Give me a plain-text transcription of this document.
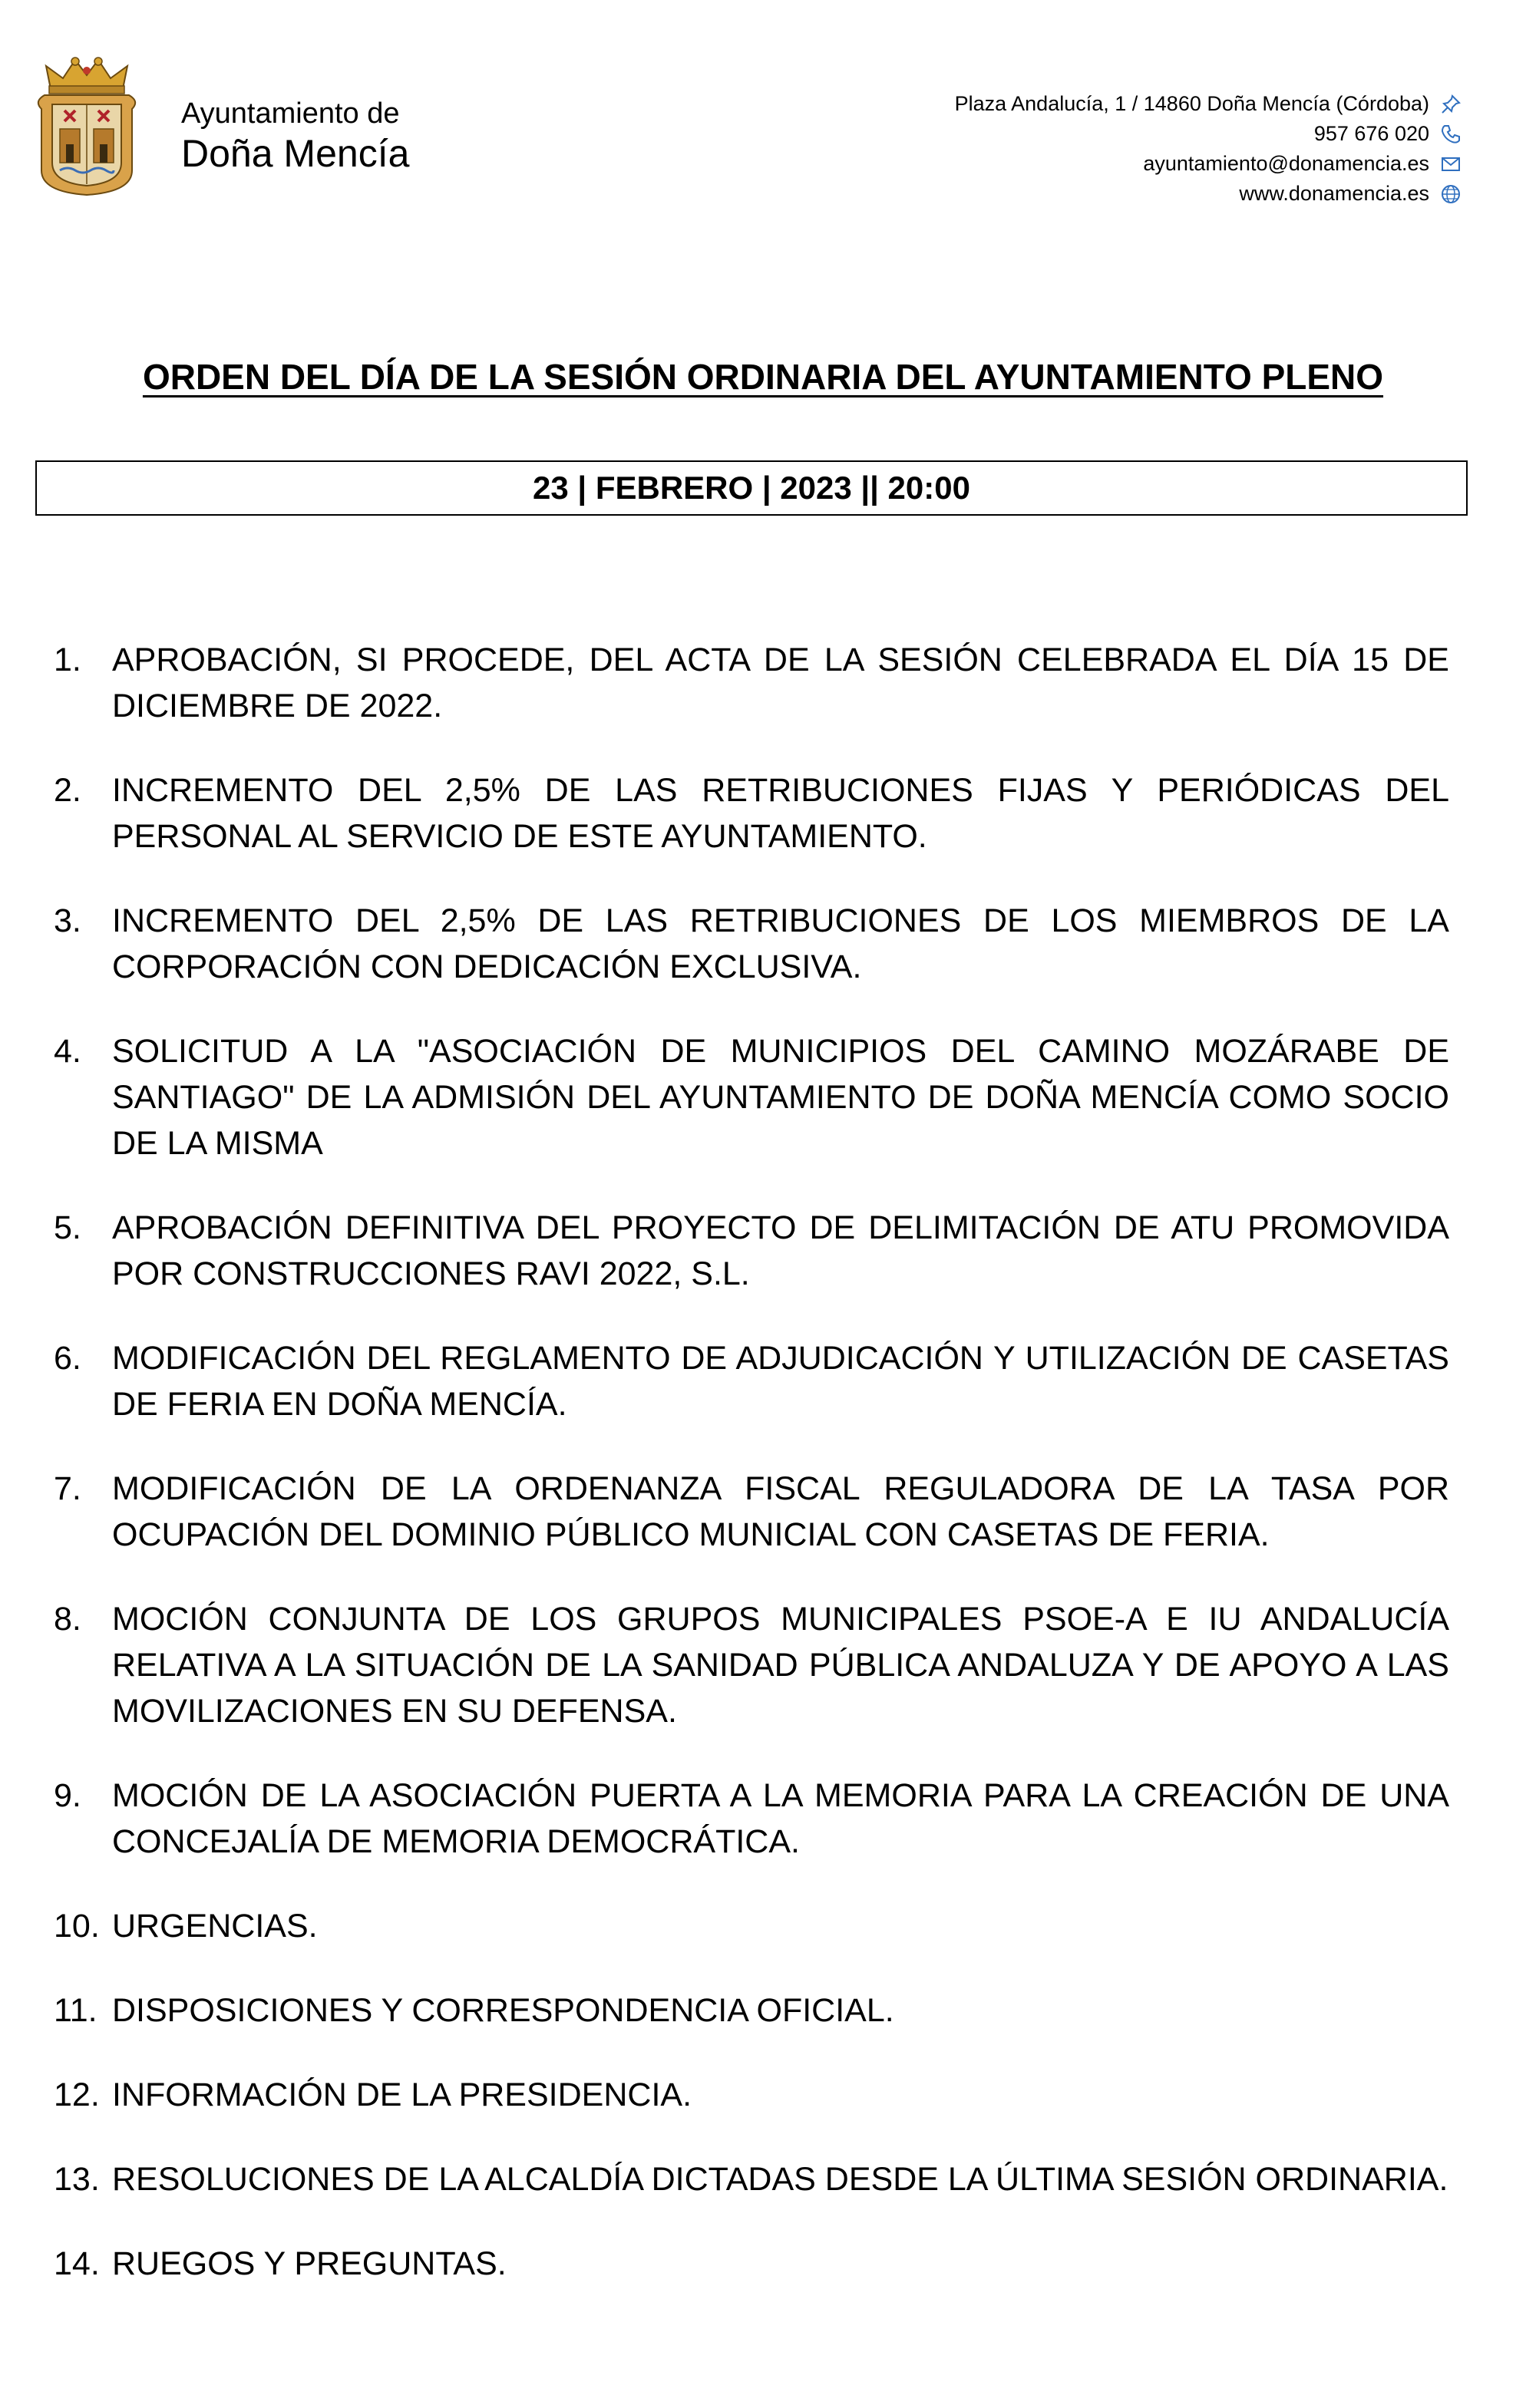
Ayuntamiento de
Doña Mencía
Plaza Andalucía, 1 / 14860 Doña Mencía (Córdoba)
957 676 020
ayuntamiento@donamencia.es
www.donamencia.es
ORDEN DEL DÍA DE LA SESIÓN ORDINARIA DEL AYUNTAMIENTO PLENO
23 | FEBRERO | 2023 || 20:00
1. APROBACIÓN, SI PROCEDE, DEL ACTA DE LA SESIÓN CELEBRADA EL DÍA 15 DE DICIEMBRE DE 2022.
2. INCREMENTO DEL 2,5% DE LAS RETRIBUCIONES FIJAS Y PERIÓDICAS DEL PERSONAL AL SERVICIO DE ESTE AYUNTAMIENTO.
3. INCREMENTO DEL 2,5% DE LAS RETRIBUCIONES DE LOS MIEMBROS DE LA CORPORACIÓN CON DEDICACIÓN EXCLUSIVA.
4. SOLICITUD A LA "ASOCIACIÓN DE MUNICIPIOS DEL CAMINO MOZÁRABE DE SANTIAGO" DE LA ADMISIÓN DEL AYUNTAMIENTO DE DOÑA MENCÍA COMO SOCIO DE LA MISMA
5. APROBACIÓN DEFINITIVA DEL PROYECTO DE DELIMITACIÓN DE ATU PROMOVIDA POR CONSTRUCCIONES RAVI 2022, S.L.
6. MODIFICACIÓN DEL REGLAMENTO DE ADJUDICACIÓN Y UTILIZACIÓN DE CASETAS DE FERIA EN DOÑA MENCÍA.
7. MODIFICACIÓN DE LA ORDENANZA FISCAL REGULADORA DE LA TASA POR OCUPACIÓN DEL DOMINIO PÚBLICO MUNICIAL CON CASETAS DE FERIA.
8. MOCIÓN CONJUNTA DE LOS GRUPOS MUNICIPALES PSOE-A E IU ANDALUCÍA RELATIVA A LA SITUACIÓN DE LA SANIDAD PÚBLICA ANDALUZA Y DE APOYO A LAS MOVILIZACIONES EN SU DEFENSA.
9. MOCIÓN DE LA ASOCIACIÓN PUERTA A LA MEMORIA PARA LA CREACIÓN DE UNA CONCEJALÍA DE MEMORIA DEMOCRÁTICA.
10. URGENCIAS.
11. DISPOSICIONES Y CORRESPONDENCIA OFICIAL.
12. INFORMACIÓN DE LA PRESIDENCIA.
13. RESOLUCIONES DE LA ALCALDÍA DICTADAS DESDE LA ÚLTIMA SESIÓN ORDINARIA.
14. RUEGOS Y PREGUNTAS.
